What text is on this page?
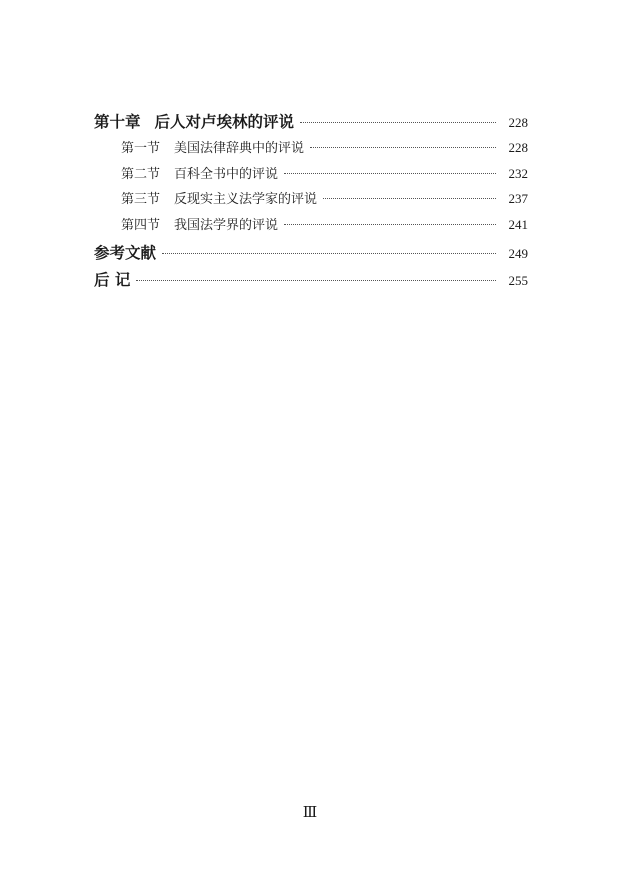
第十章 后人对卢埃林的评说	228
第一节 美国法律辞典中的评说	228
第二节 百科全书中的评说	232
第三节 反现实主义法学家的评说	237
第四节 我国法学界的评说	241
参考文献	249
后 记	255
Ⅲ
